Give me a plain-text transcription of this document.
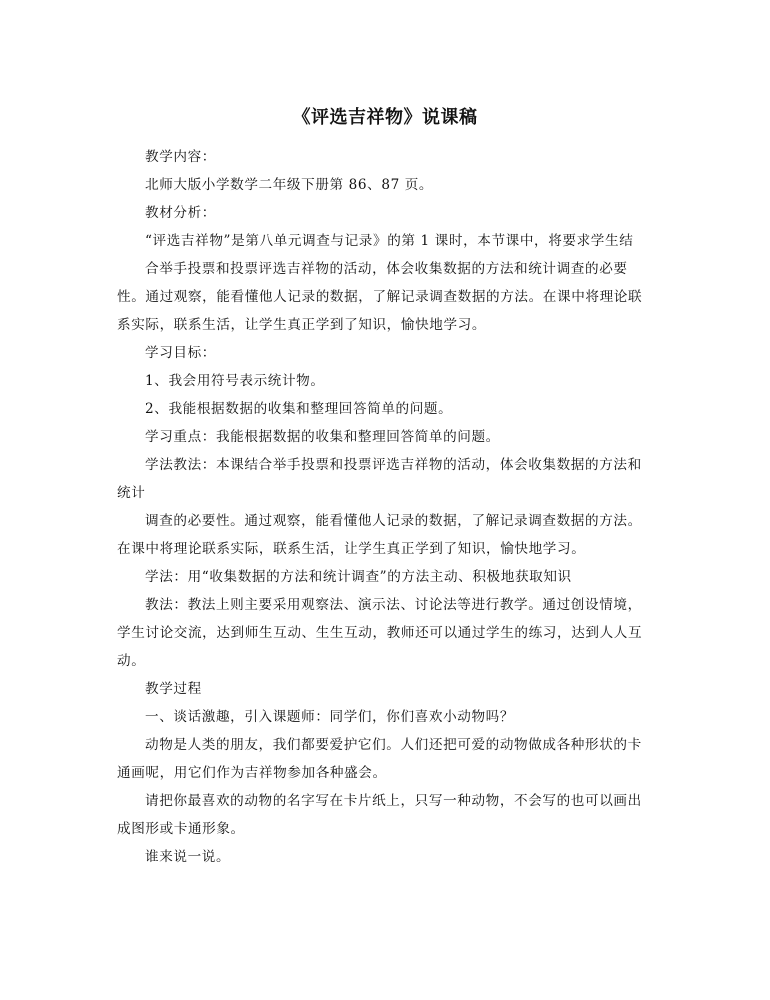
《评选吉祥物》说课稿

教学内容：

北师大版小学数学二年级下册第 86、87 页。

教材分析：

“评选吉祥物”是第八单元调查与记录》的第 1 课时，本节课中，将要求学生结

合举手投票和投票评选吉祥物的活动，体会收集数据的方法和统计调查的必要性。通过观察，能看懂他人记录的数据，了解记录调查数据的方法。在课中将理论联系实际，联系生活，让学生真正学到了知识，愉快地学习。

学习目标：

1、我会用符号表示统计物。

2、我能根据数据的收集和整理回答简单的问题。

学习重点：我能根据数据的收集和整理回答简单的问题。

学法教法：本课结合举手投票和投票评选吉祥物的活动，体会收集数据的方法和统计

调查的必要性。通过观察，能看懂他人记录的数据，了解记录调查数据的方法。在课中将理论联系实际，联系生活，让学生真正学到了知识，愉快地学习。

学法：用“收集数据的方法和统计调查”的方法主动、积极地获取知识

教法：教法上则主要采用观察法、演示法、讨论法等进行教学。通过创设情境，学生讨论交流，达到师生互动、生生互动，教师还可以通过学生的练习，达到人人互动。

教学过程

一、谈话激趣，引入课题师：同学们，你们喜欢小动物吗？

动物是人类的朋友，我们都要爱护它们。人们还把可爱的动物做成各种形状的卡通画呢，用它们作为吉祥物参加各种盛会。

请把你最喜欢的动物的名字写在卡片纸上，只写一种动物，不会写的也可以画出成图形或卡通形象。

谁来说一说。
